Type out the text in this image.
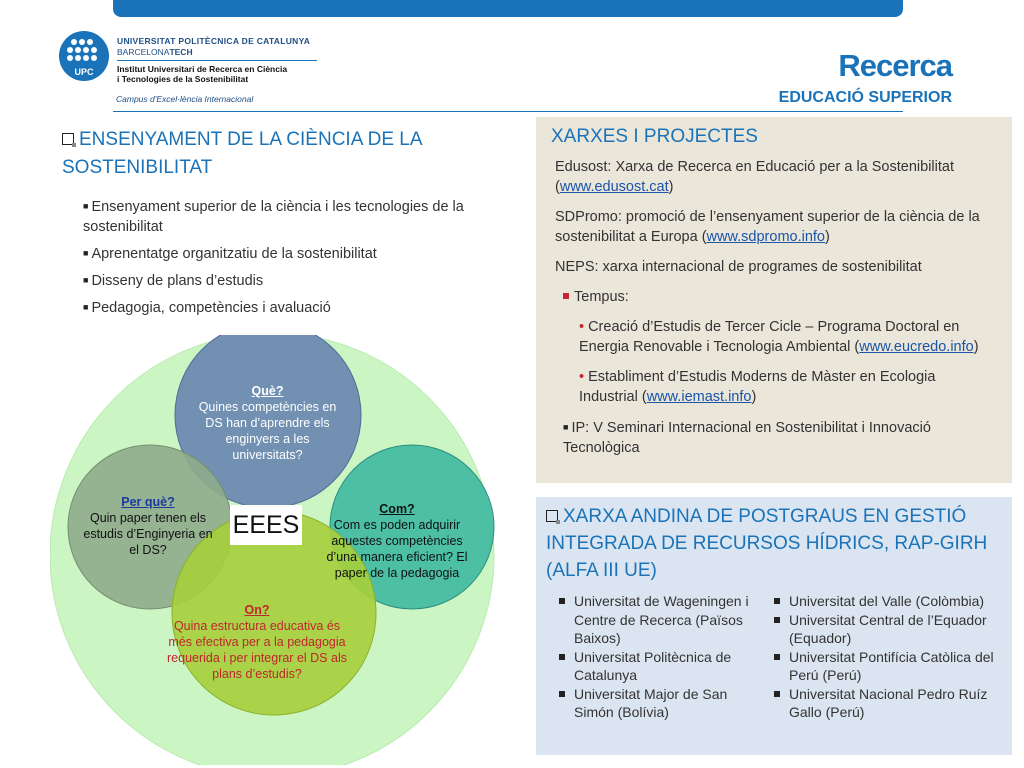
UPC
UNIVERSITAT POLITÈCNICA DE CATALUNYA
BARCELONATECH
Institut Universitari de Recerca en Ciència
i Tecnologies de la Sostenibilitat
Campus d'Excel·lència Internacional
Recerca
EDUCACIÓ SUPERIOR
ENSENYAMENT DE LA CIÈNCIA DE LA SOSTENIBILITAT
■ Ensenyament superior de la ciència i les tecnologies de la sostenibilitat
■ Aprenentatge organitzatiu de la sostenibilitat
■ Disseny de plans d’estudis
■ Pedagogia, competències i avaluació
EEES
Què?
Quines competències en DS han d’aprendre els enginyers a les universitats?
Per què?
Quin paper tenen els estudis d’Enginyeria en el DS?
Com?
Com es poden adquirir aquestes competències d’una manera eficient? El paper de la pedagogia
On?
Quina estructura educativa és més efectiva per a la pedagogia requerida i per integrar el DS als plans d’estudis?
XARXES I PROJECTES

Edusost: Xarxa de Recerca en Educació per a la Sostenibilitat (www.edusost.cat)

SDPromo: promoció de l’ensenyament superior de la ciència de la sostenibilitat a Europa (www.sdpromo.info)

NEPS: xarxa internacional de programes de sostenibilitat

Tempus:

• Creació d’Estudis de Tercer Cicle – Programa Doctoral en Energia Renovable i Tecnologia Ambiental (www.eucredo.info)

• Establiment d’Estudis Moderns de Màster en Ecologia Industrial (www.iemast.info)

■ IP: V Seminari Internacional en Sostenibilitat i Innovació Tecnològica

XARXA ANDINA DE POSTGRAUS EN GESTIÓ INTEGRADA DE RECURSOS HÍDRICS, RAP-GIRH (ALFA III UE)
Universitat de Wageningen i Centre de Recerca (Països Baixos)
Universitat Politècnica de Catalunya
Universitat Major de San Simón (Bolívia)
Universitat del Valle (Colòmbia)
Universitat Central de l’Equador (Equador)
Universitat Pontifícia Catòlica del Perú (Perú)
Universitat Nacional Pedro Ruíz Gallo (Perú)
